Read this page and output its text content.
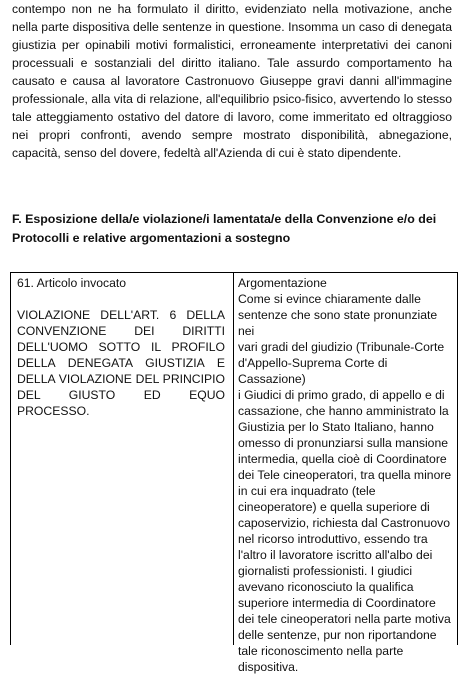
contempo non ne ha formulato il diritto, evidenziato nella motivazione, anche nella parte dispositiva delle sentenze in questione. Insomma un caso di denegata giustizia per opinabili motivi formalistici, erroneamente interpretativi dei canoni processuali e sostanziali del diritto italiano. Tale assurdo comportamento ha causato e causa al lavoratore Castronuovo Giuseppe gravi danni all'immagine professionale, alla vita di relazione, all'equilibrio psico-fisico, avvertendo lo stesso tale atteggiamento ostativo del datore di lavoro, come immeritato ed oltraggioso nei propri confronti, avendo sempre mostrato disponibilità, abnegazione, capacità, senso del dovere, fedeltà all'Azienda di cui è stato dipendente.

F. Esposizione della/e violazione/i lamentata/e della Convenzione e/o dei Protocolli e relative argomentazioni a sostegno

61. Articolo invocato

VIOLAZIONE DELL'ART. 6 DELLA CONVENZIONE DEI DIRITTI DELL'UOMO SOTTO IL PROFILO DELLA DENEGATA GIUSTIZIA E DELLA VIOLAZIONE DEL PRINCIPIO DEL GIUSTO ED EQUO PROCESSO.

Argomentazione

Come si evince chiaramente dalle
sentenze che sono state pronunziate nei
vari gradi del giudizio (Tribunale-Corte
d'Appello-Suprema Corte di Cassazione)
i Giudici di primo grado, di appello e di
cassazione, che hanno amministrato la
Giustizia per lo Stato Italiano, hanno
omesso di pronunziarsi sulla mansione
intermedia, quella cioè di Coordinatore
dei Tele cineoperatori, tra quella minore
in cui era inquadrato (tele
cineoperatore) e quella superiore di
caposervizio, richiesta dal Castronuovo
nel ricorso introduttivo, essendo tra
l'altro il lavoratore iscritto all'albo dei
giornalisti professionisti. I giudici
avevano riconosciuto la qualifica
superiore intermedia di Coordinatore
dei tele cineoperatori nella parte motiva
delle sentenze, pur non riportandone
tale riconoscimento nella parte
dispositiva.
